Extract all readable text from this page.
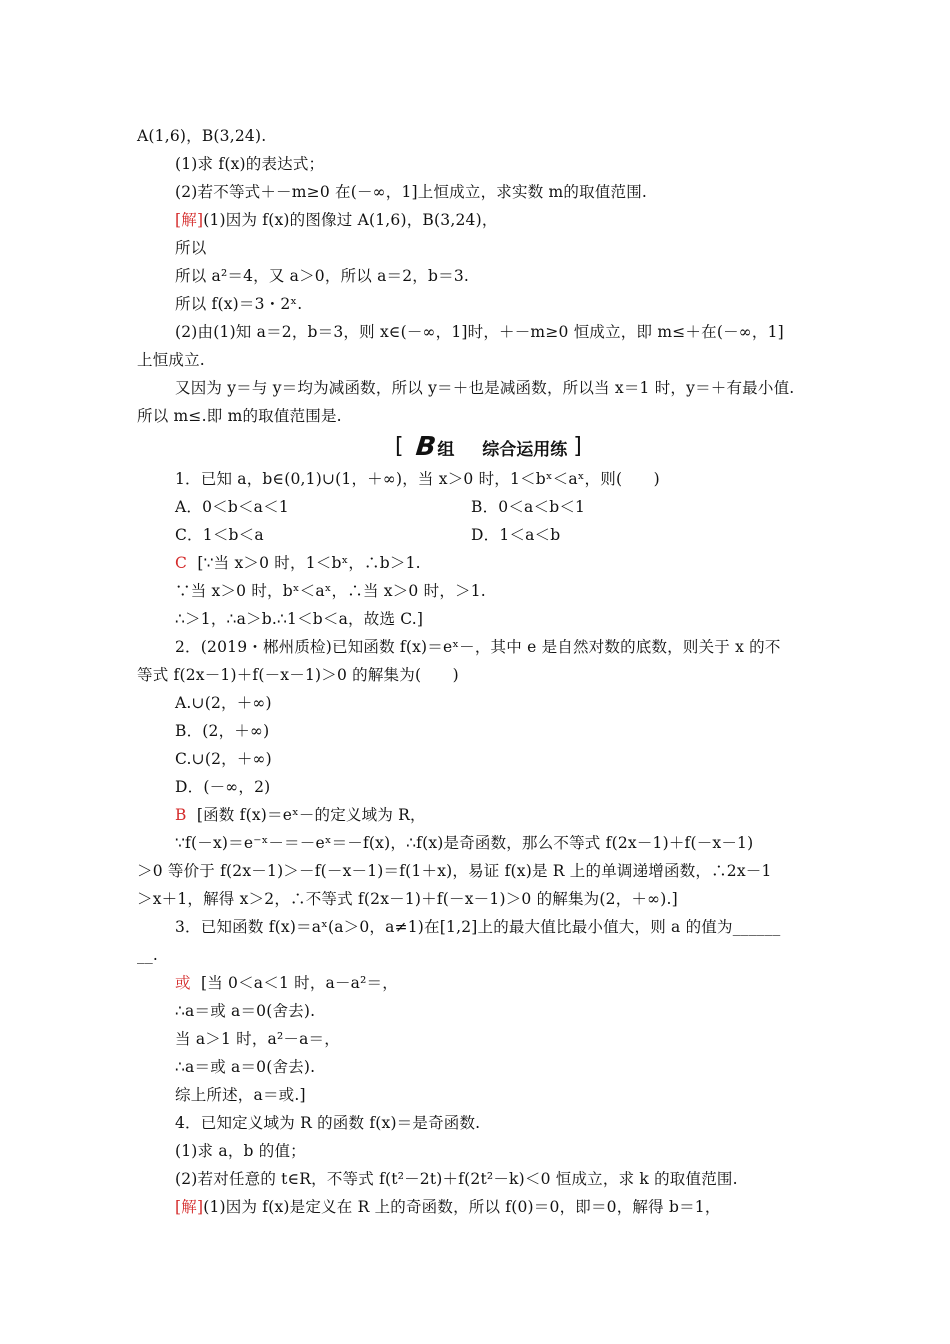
A(1,6)，B(3,24).
(1)求 f(x)的表达式；
(2)若不等式＋－m≥0 在(－∞，1]上恒成立，求实数 m的取值范围.
[解](1)因为 f(x)的图像过 A(1,6)，B(3,24)，
所以
所以 a²＝4，又 a＞0，所以 a＝2，b＝3.
所以 f(x)＝3・2ˣ.
(2)由(1)知 a＝2，b＝3，则 x∈(－∞，1]时，＋－m≥0 恒成立，即 m≤＋在(－∞，1]
上恒成立.
又因为 y＝与 y＝均为减函数，所以 y＝＋也是减函数，所以当 x＝1 时，y＝＋有最小值.
所以 m≤.即 m的取值范围是.
[ B组 综合运用练 ]
1．已知 a，b∈(0,1)∪(1，＋∞)，当 x＞0 时，1＜bˣ＜aˣ，则(　　)
A．0＜b＜a＜1	B．0＜a＜b＜1
C．1＜b＜a	D．1＜a＜b
C [∵当 x＞0 时，1＜bˣ，∴b＞1.
∵当 x＞0 时，bˣ＜aˣ，∴当 x＞0 时，＞1.
∴＞1，∴a＞b.∴1＜b＜a，故选 C.]
2．(2019・郴州质检)已知函数 f(x)＝eˣ－，其中 e 是自然对数的底数，则关于 x 的不
等式 f(2x－1)＋f(－x－1)＞0 的解集为(　　)
A.∪(2，＋∞)
B．(2，＋∞)
C.∪(2，＋∞)
D．(－∞，2)
B [函数 f(x)＝eˣ－的定义域为 R，
∵f(－x)＝e⁻ˣ－＝－eˣ＝－f(x)，∴f(x)是奇函数，那么不等式 f(2x－1)＋f(－x－1)
＞0 等价于 f(2x－1)＞－f(－x－1)＝f(1＋x)，易证 f(x)是 R 上的单调递增函数，∴2x－1
＞x＋1，解得 x＞2，∴不等式 f(2x－1)＋f(－x－1)＞0 的解集为(2，＋∞).]
3．已知函数 f(x)＝aˣ(a＞0，a≠1)在[1,2]上的最大值比最小值大，则 a 的值为______
__.
或 [当 0＜a＜1 时，a－a²＝，
∴a＝或 a＝0(舍去).
当 a＞1 时，a²－a＝，
∴a＝或 a＝0(舍去).
综上所述，a＝或.]
4．已知定义域为 R 的函数 f(x)＝是奇函数.
(1)求 a，b 的值；
(2)若对任意的 t∈R，不等式 f(t²－2t)＋f(2t²－k)＜0 恒成立，求 k 的取值范围.
[解](1)因为 f(x)是定义在 R 上的奇函数，所以 f(0)＝0，即＝0，解得 b＝1，
